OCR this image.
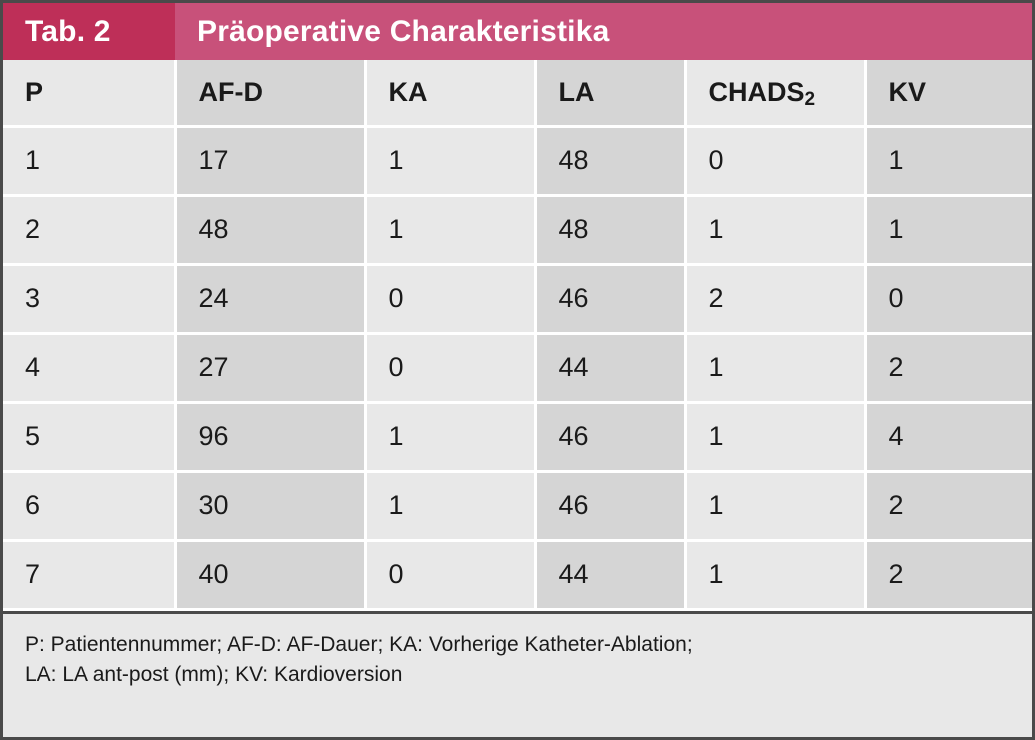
Tab. 2	Präoperative Charakteristika
P	AF-D	KA	LA	CHADS2	KV
1	17	1	48	0	1
2	48	1	48	1	1
3	24	0	46	2	0
4	27	0	44	1	2
5	96	1	46	1	4
6	30	1	46	1	2
7	40	0	44	1	2
P: Patientennummer; AF-D: AF-Dauer; KA: Vorherige Katheter-Ablation;
LA: LA ant-post (mm); KV: Kardioversion
